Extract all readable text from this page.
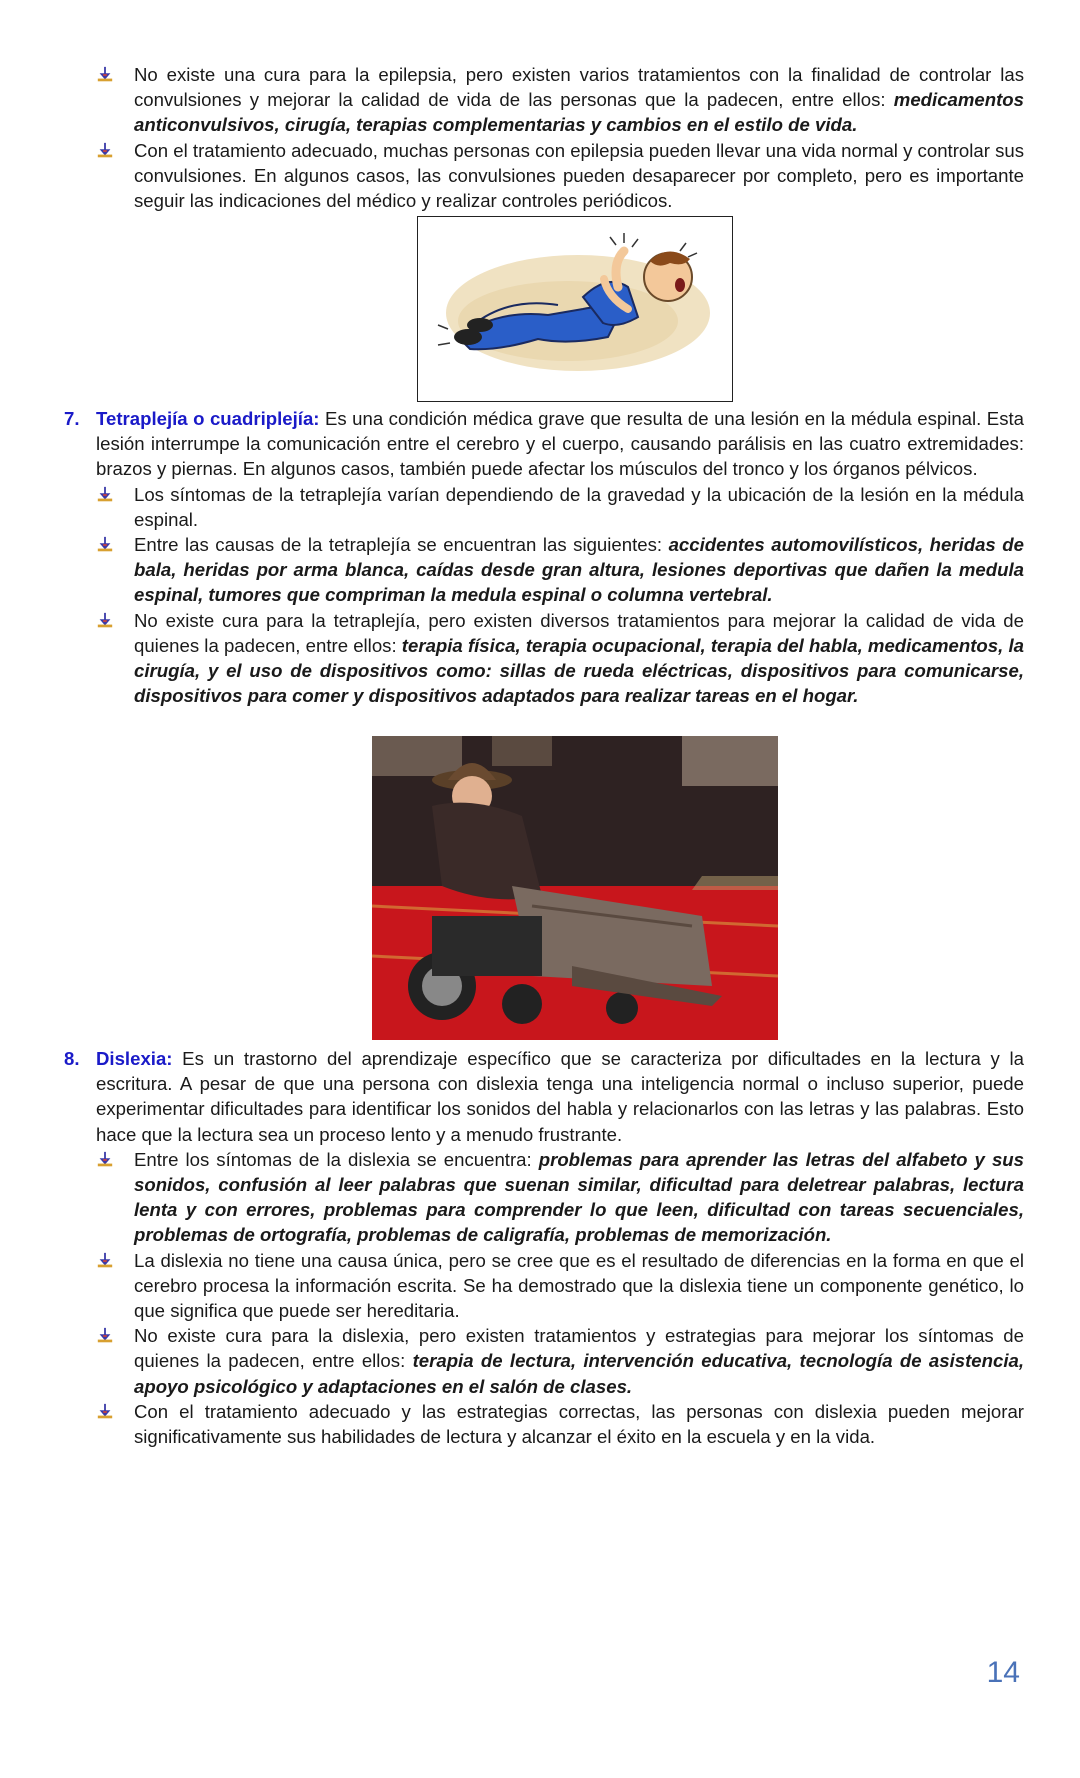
No existe una cura para la epilepsia, pero existen varios tratamientos con la finalidad de controlar las convulsiones y mejorar la calidad de vida de las personas que la padecen, entre ellos: medicamentos anticonvulsivos, cirugía, terapias complementarias y cambios en el estilo de vida.

Con el tratamiento adecuado, muchas personas con epilepsia pueden llevar una vida normal y controlar sus convulsiones. En algunos casos, las convulsiones pueden desaparecer por completo, pero es importante seguir las indicaciones del médico y realizar controles periódicos.

7. Tetraplejía o cuadriplejía: Es una condición médica grave que resulta de una lesión en la médula espinal. Esta lesión interrumpe la comunicación entre el cerebro y el cuerpo, causando parálisis en las cuatro extremidades: brazos y piernas. En algunos casos, también puede afectar los músculos del tronco y los órganos pélvicos.

Los síntomas de la tetraplejía varían dependiendo de la gravedad y la ubicación de la lesión en la médula espinal.

Entre las causas de la tetraplejía se encuentran las siguientes: accidentes automovilísticos, heridas de bala, heridas por arma blanca, caídas desde gran altura, lesiones deportivas que dañen la medula espinal, tumores que compriman la medula espinal o columna vertebral.

No existe cura para la tetraplejía, pero existen diversos tratamientos para mejorar la calidad de vida de quienes la padecen, entre ellos: terapia física, terapia ocupacional, terapia del habla, medicamentos, la cirugía, y el uso de dispositivos como: sillas de rueda eléctricas, dispositivos para comunicarse, dispositivos para comer y dispositivos adaptados para realizar tareas en el hogar.

8. Dislexia: Es un trastorno del aprendizaje específico que se caracteriza por dificultades en la lectura y la escritura. A pesar de que una persona con dislexia tenga una inteligencia normal o incluso superior, puede experimentar dificultades para identificar los sonidos del habla y relacionarlos con las letras y las palabras. Esto hace que la lectura sea un proceso lento y a menudo frustrante.

Entre los síntomas de la dislexia se encuentra: problemas para aprender las letras del alfabeto y sus sonidos, confusión al leer palabras que suenan similar, dificultad para deletrear palabras, lectura lenta y con errores, problemas para comprender lo que leen, dificultad con tareas secuenciales, problemas de ortografía, problemas de caligrafía, problemas de memorización.

La dislexia no tiene una causa única, pero se cree que es el resultado de diferencias en la forma en que el cerebro procesa la información escrita. Se ha demostrado que la dislexia tiene un componente genético, lo que significa que puede ser hereditaria.

No existe cura para la dislexia, pero existen tratamientos y estrategias para mejorar los síntomas de quienes la padecen, entre ellos: terapia de lectura, intervención educativa, tecnología de asistencia, apoyo psicológico y adaptaciones en el salón de clases.

Con el tratamiento adecuado y las estrategias correctas, las personas con dislexia pueden mejorar significativamente sus habilidades de lectura y alcanzar el éxito en la escuela y en la vida.

14
